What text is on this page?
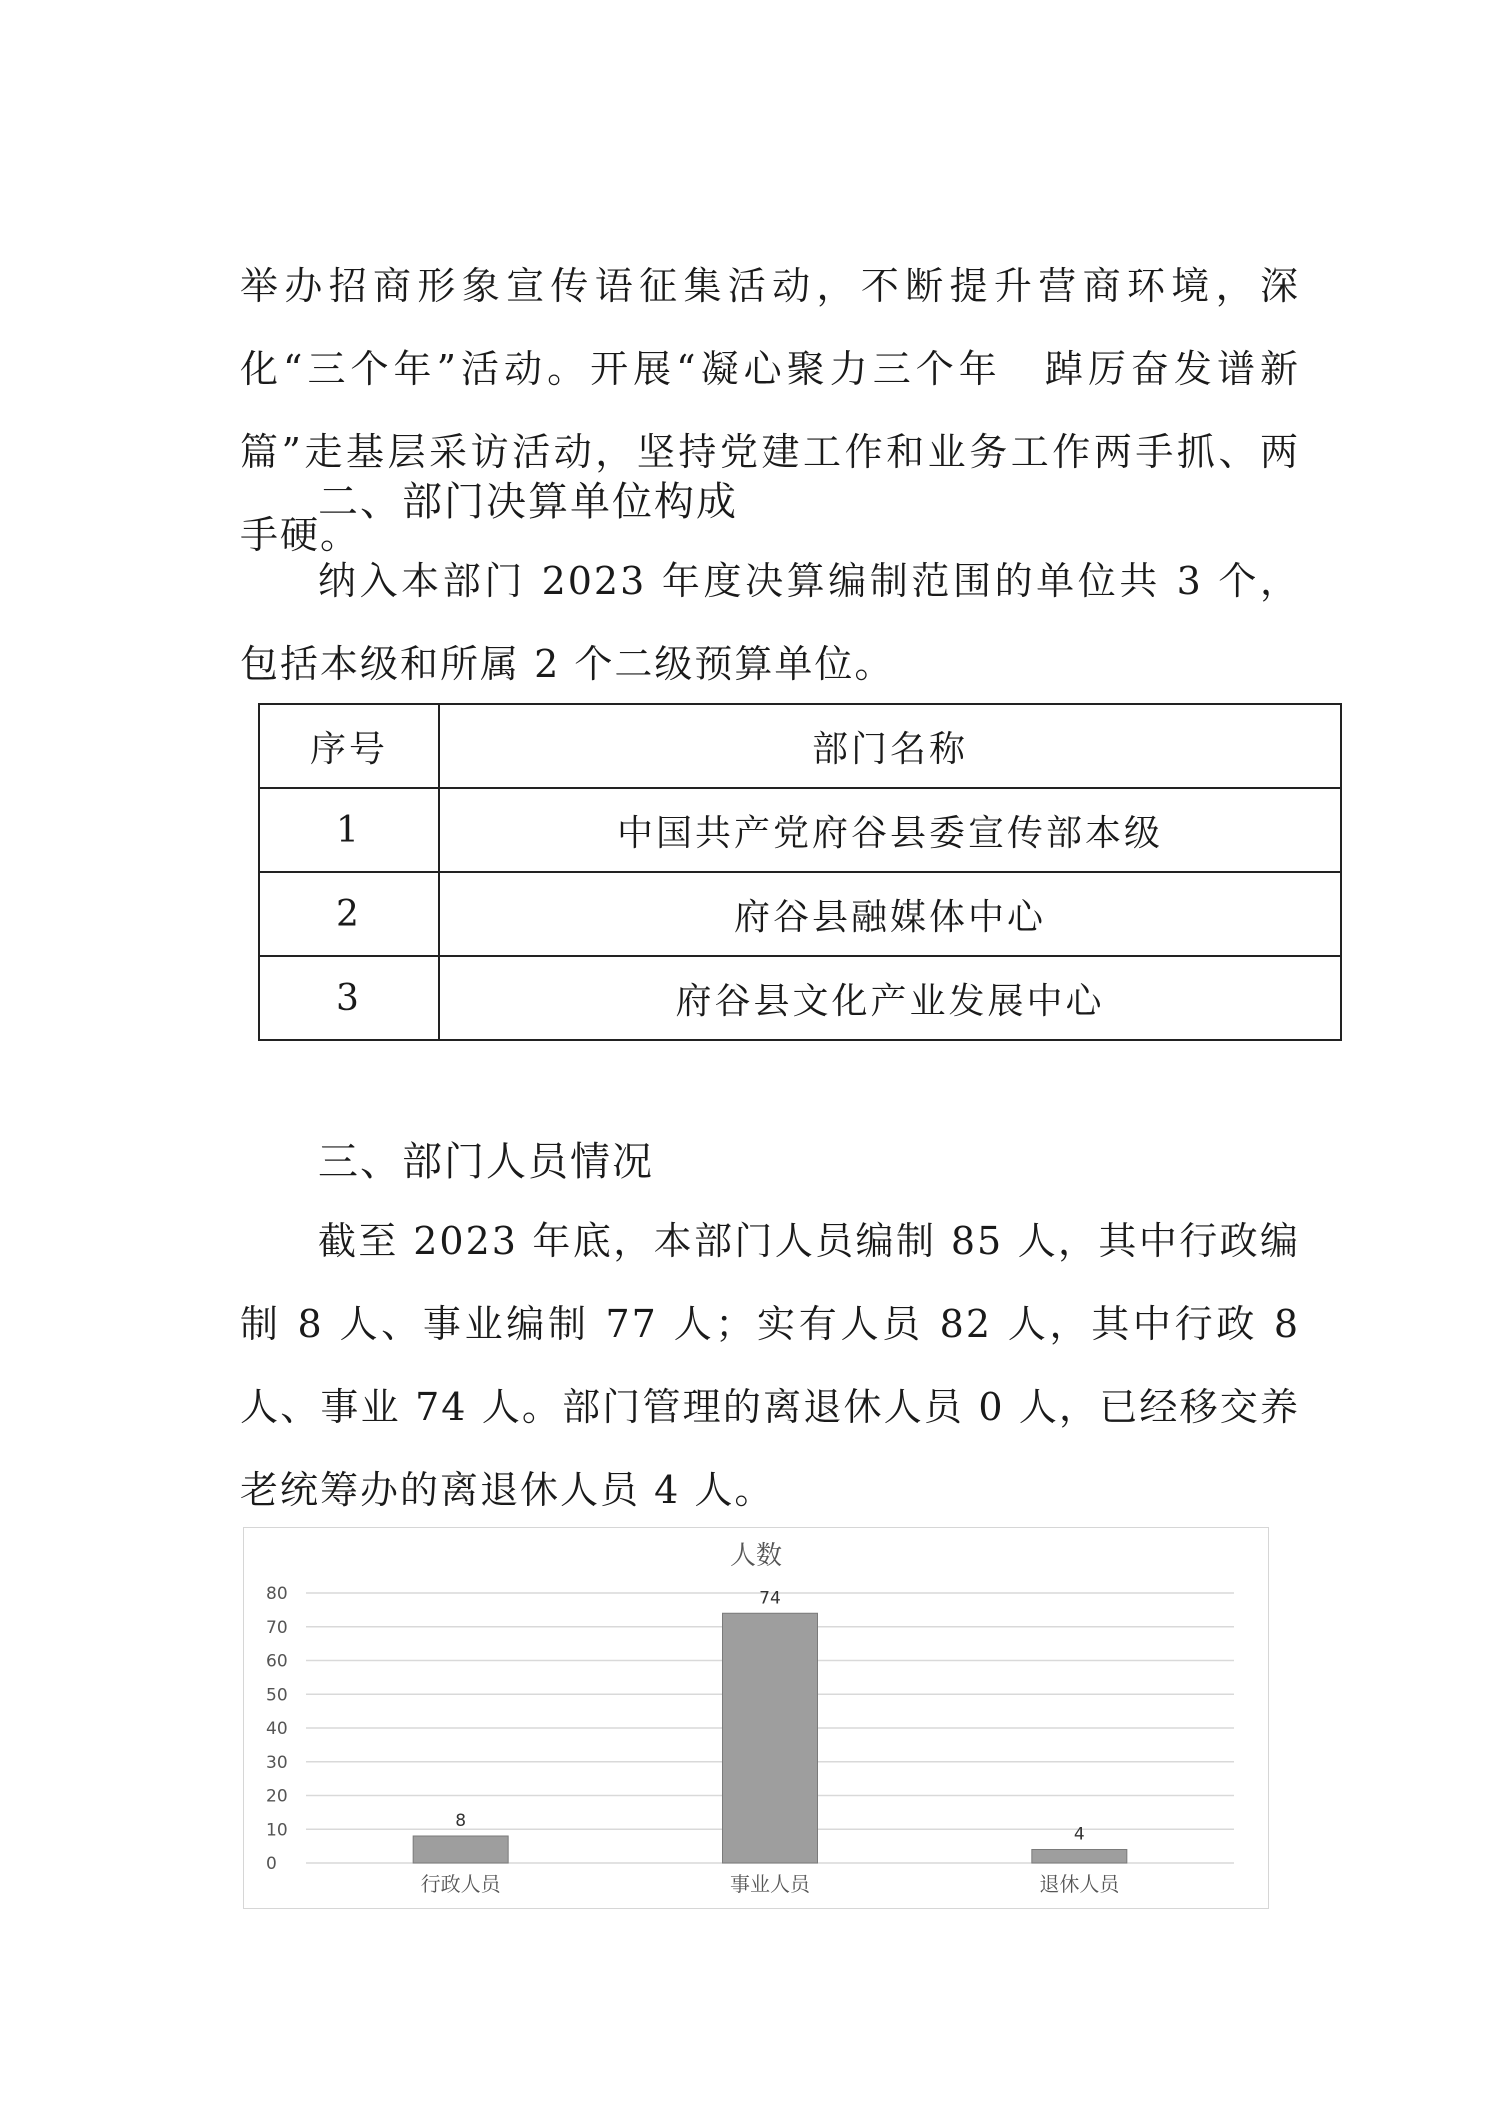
举办招商形象宣传语征集活动，不断提升营商环境，深化“三个年”活动。开展“凝心聚力三个年　踔厉奋发谱新篇”走基层采访活动，坚持党建工作和业务工作两手抓、两手硬。

二、部门决算单位构成

纳入本部门 2023 年度决算编制范围的单位共 3 个，包括本级和所属 2 个二级预算单位。

序号	部门名称
1	中国共产党府谷县委宣传部本级
2	府谷县融媒体中心
3	府谷县文化产业发展中心

三、部门人员情况

截至 2023 年底，本部门人员编制 85 人，其中行政编制 8 人、事业编制 77 人；实有人员 82 人，其中行政 8 人、事业 74 人。部门管理的离退休人员 0 人，已经移交养老统筹办的离退休人员 4 人。

人数
0
10
20
30
40
50
60
70
80
8
行政人员
74
事业人员
4
退休人员
